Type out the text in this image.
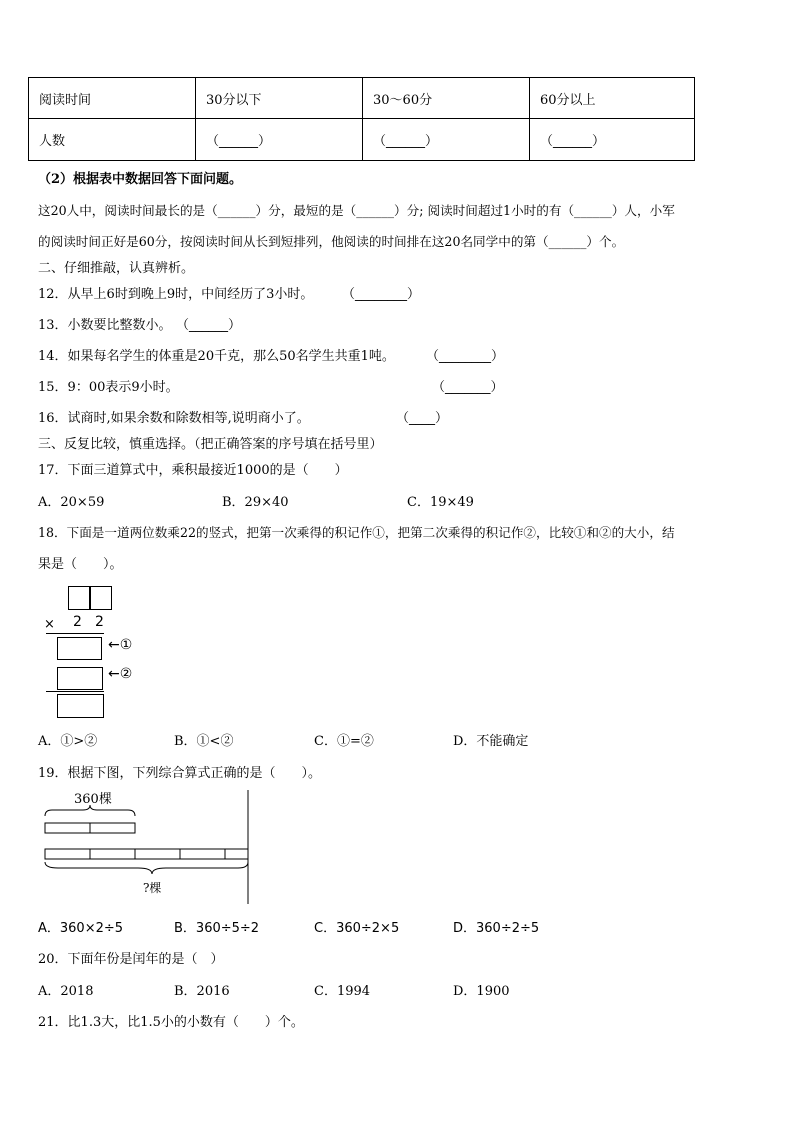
阅读时间	30分以下	30～60分	60分以上
人数	（______）	（______）	（______）
（2）根据表中数据回答下面问题。
这20人中，阅读时间最长的是（______）分，最短的是（______）分; 阅读时间超过1小时的有（______）人，小军
的阅读时间正好是60分，按阅读时间从长到短排列，他阅读的时间排在这20名同学中的第（______）个。
二、仔细推敲，认真辨析。
12．从早上6时到晚上9时，中间经历了3小时。 （________）
13．小数要比整数小。 （______）
14．如果每名学生的体重是20千克，那么50名学生共重1吨。 （________）
15．9：00表示9小时。	（_______）
16．试商时,如果余数和除数相等,说明商小了。	（____）
三、反复比较，慎重选择。（把正确答案的序号填在括号里）
17．下面三道算式中，乘积最接近1000的是（　　）
A．20×59	B．29×40	C．19×49
18．下面是一道两位数乘22的竖式，把第一次乘得的积记作①，把第二次乘得的积记作②，比较①和②的大小，结
果是（　　）。
× 2 2
←①
←②
A．①>②	B．①<②	C．①=②	D．不能确定
19．根据下图，下列综合算式正确的是（　　）。
360棵
?棵
A．360×2÷5	B．360÷5÷2	C．360÷2×5	D．360÷2÷5
20．下面年份是闰年的是（　）
A．2018	B．2016	C．1994	D．1900
21．比1.3大，比1.5小的小数有（　　）个。
